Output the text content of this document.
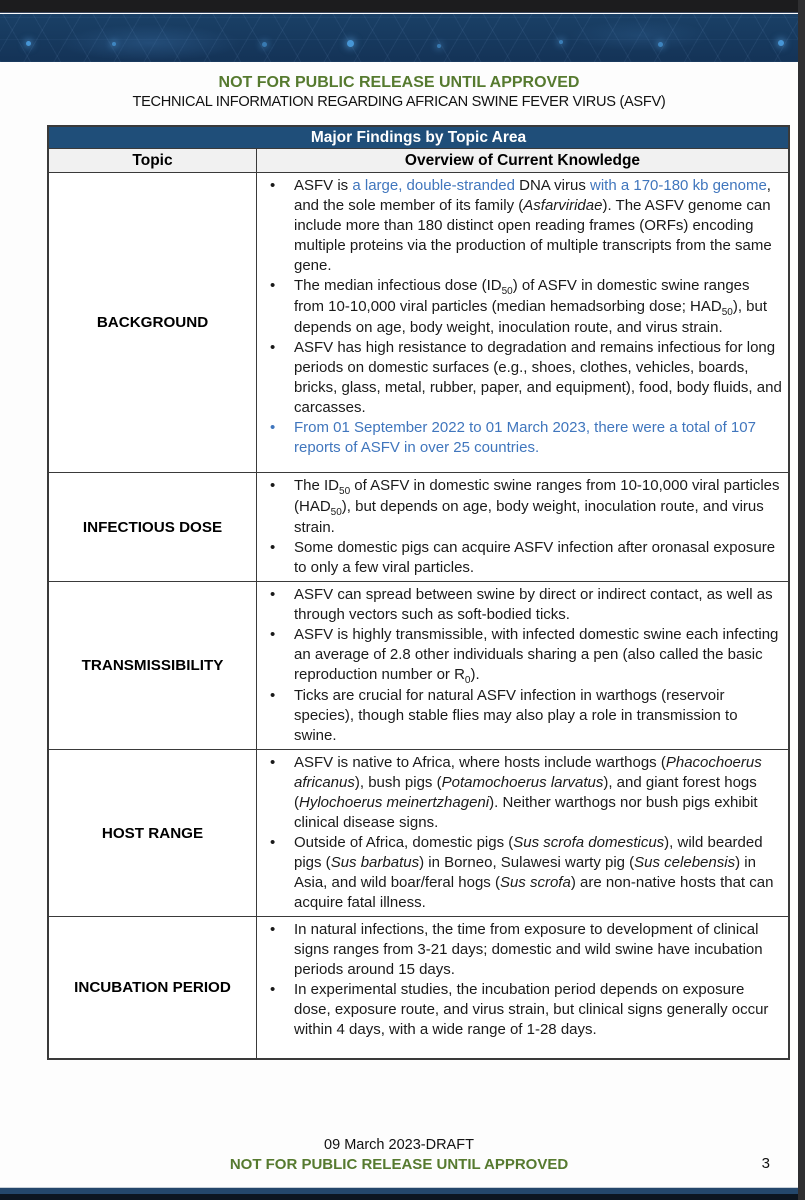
NOT FOR PUBLIC RELEASE UNTIL APPROVED
TECHNICAL INFORMATION REGARDING AFRICAN SWINE FEVER VIRUS (ASFV)
Major Findings by Topic Area
Topic	Overview of Current Knowledge
BACKGROUND
•	ASFV is a large, double-stranded DNA virus with a 170-180 kb genome, and the sole member of its family (Asfarviridae). The ASFV genome can include more than 180 distinct open reading frames (ORFs) encoding multiple proteins via the production of multiple transcripts from the same gene.
•	The median infectious dose $(ID_{50})$ of ASFV in domestic swine ranges from 10-10,000 viral particles (median hemadsorbing dose; $HAD_{50}$), but depends on age, body weight, inoculation route, and virus strain.
•	ASFV has high resistance to degradation and remains infectious for long periods on domestic surfaces (e.g., shoes, clothes, vehicles, boards, bricks, glass, metal, rubber, paper, and equipment), food, body fluids, and carcasses.
•	From 01 September 2022 to 01 March 2023, there were a total of 107 reports of ASFV in over 25 countries.
INFECTIOUS DOSE
•	The $ID_{50}$ of ASFV in domestic swine ranges from 10-10,000 viral particles $(HAD_{50})$, but depends on age, body weight, inoculation route, and virus strain.
•	Some domestic pigs can acquire ASFV infection after oronasal exposure to only a few viral particles.
TRANSMISSIBILITY
•	ASFV can spread between swine by direct or indirect contact, as well as through vectors such as soft-bodied ticks.
•	ASFV is highly transmissible, with infected domestic swine each infecting an average of 2.8 other individuals sharing a pen (also called the basic reproduction number or $R_0$).
•	Ticks are crucial for natural ASFV infection in warthogs (reservoir species), though stable flies may also play a role in transmission to swine.
HOST RANGE
•	ASFV is native to Africa, where hosts include warthogs (Phacochoerus africanus), bush pigs (Potamochoerus larvatus), and giant forest hogs (Hylochoerus meinertzhageni). Neither warthogs nor bush pigs exhibit clinical disease signs.
•	Outside of Africa, domestic pigs (Sus scrofa domesticus), wild bearded pigs (Sus barbatus) in Borneo, Sulawesi warty pig (Sus celebensis) in Asia, and wild boar/feral hogs (Sus scrofa) are non-native hosts that can acquire fatal illness.
INCUBATION PERIOD
•	In natural infections, the time from exposure to development of clinical signs ranges from 3-21 days; domestic and wild swine have incubation periods around 15 days.
•	In experimental studies, the incubation period depends on exposure dose, exposure route, and virus strain, but clinical signs generally occur within 4 days, with a wide range of 1-28 days.
09 March 2023-DRAFT
NOT FOR PUBLIC RELEASE UNTIL APPROVED	3
